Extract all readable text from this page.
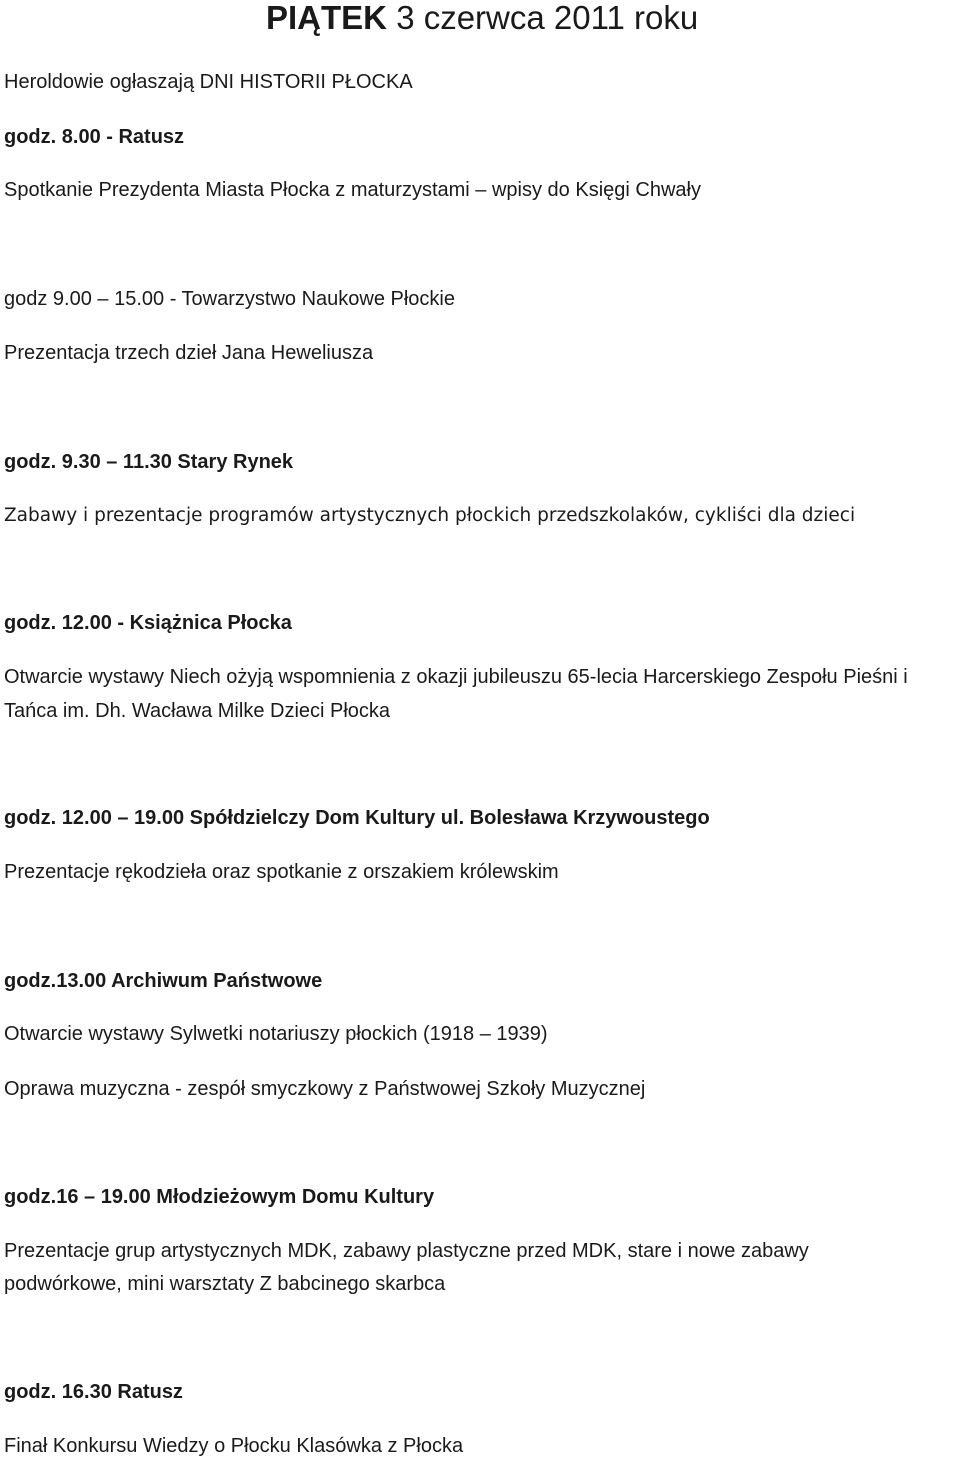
PIĄTEK 3 czerwca 2011 roku
Heroldowie ogłaszają DNI HISTORII PŁOCKA
godz. 8.00 - Ratusz
Spotkanie Prezydenta Miasta Płocka z maturzystami – wpisy do Księgi Chwały
godz 9.00 – 15.00 - Towarzystwo Naukowe Płockie
Prezentacja trzech dzieł Jana Heweliusza
godz. 9.30 – 11.30 Stary Rynek
Zabawy i prezentacje programów artystycznych płockich przedszkolaków, cykliści dla dzieci
godz. 12.00 - Książnica Płocka
Otwarcie wystawy Niech ożyją wspomnienia z okazji jubileuszu 65-lecia Harcerskiego Zespołu Pieśni i
Tańca im. Dh. Wacława Milke Dzieci Płocka
godz. 12.00 – 19.00 Spółdzielczy Dom Kultury ul. Bolesława Krzywoustego
Prezentacje rękodzieła oraz spotkanie z orszakiem królewskim
godz.13.00 Archiwum Państwowe
Otwarcie wystawy Sylwetki notariuszy płockich (1918 – 1939)
Oprawa muzyczna - zespół smyczkowy z Państwowej Szkoły Muzycznej
godz.16 – 19.00 Młodzieżowym Domu Kultury
Prezentacje grup artystycznych MDK, zabawy plastyczne przed MDK, stare i nowe zabawy
podwórkowe, mini warsztaty Z babcinego skarbca
godz. 16.30 Ratusz
Finał Konkursu Wiedzy o Płocku Klasówka z Płocka
